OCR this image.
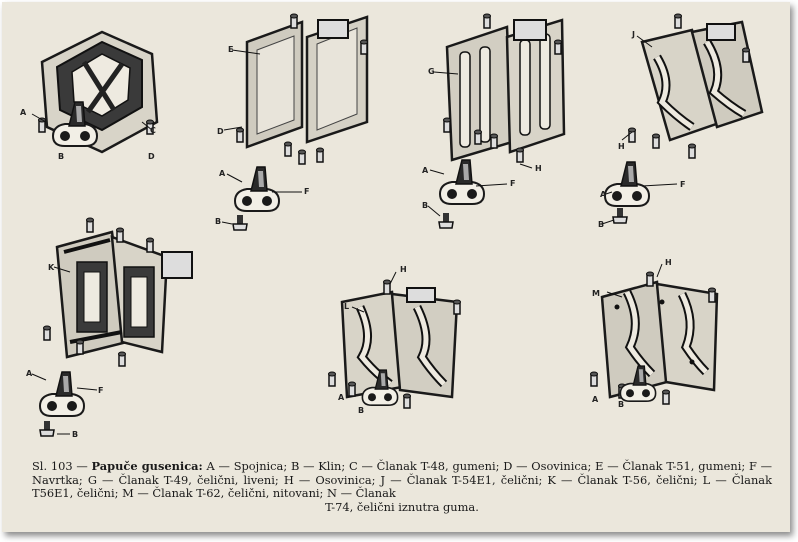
A
B
C
D
E
D
A
F
B
G
H
A
F
B
J
H
A
F
B
K
A
F
B
H
L
A
B
H
M
A
B
Sl. 103 — Papuče gusenica: A — Spojnica; B — Klin; C — Članak T-48, gumeni; D — Osovinica; E — Članak T-51, gumeni; F — Navrtka; G — Članak T-49, čelični, liveni; H — Osovinica; J — Članak T-54E1, čelični; K — Članak T-56, čelični; L — Članak T56E1, čelični; M — Članak T-62, čelični, nitovani; N — Članak
T-74, čelični iznutra guma.
